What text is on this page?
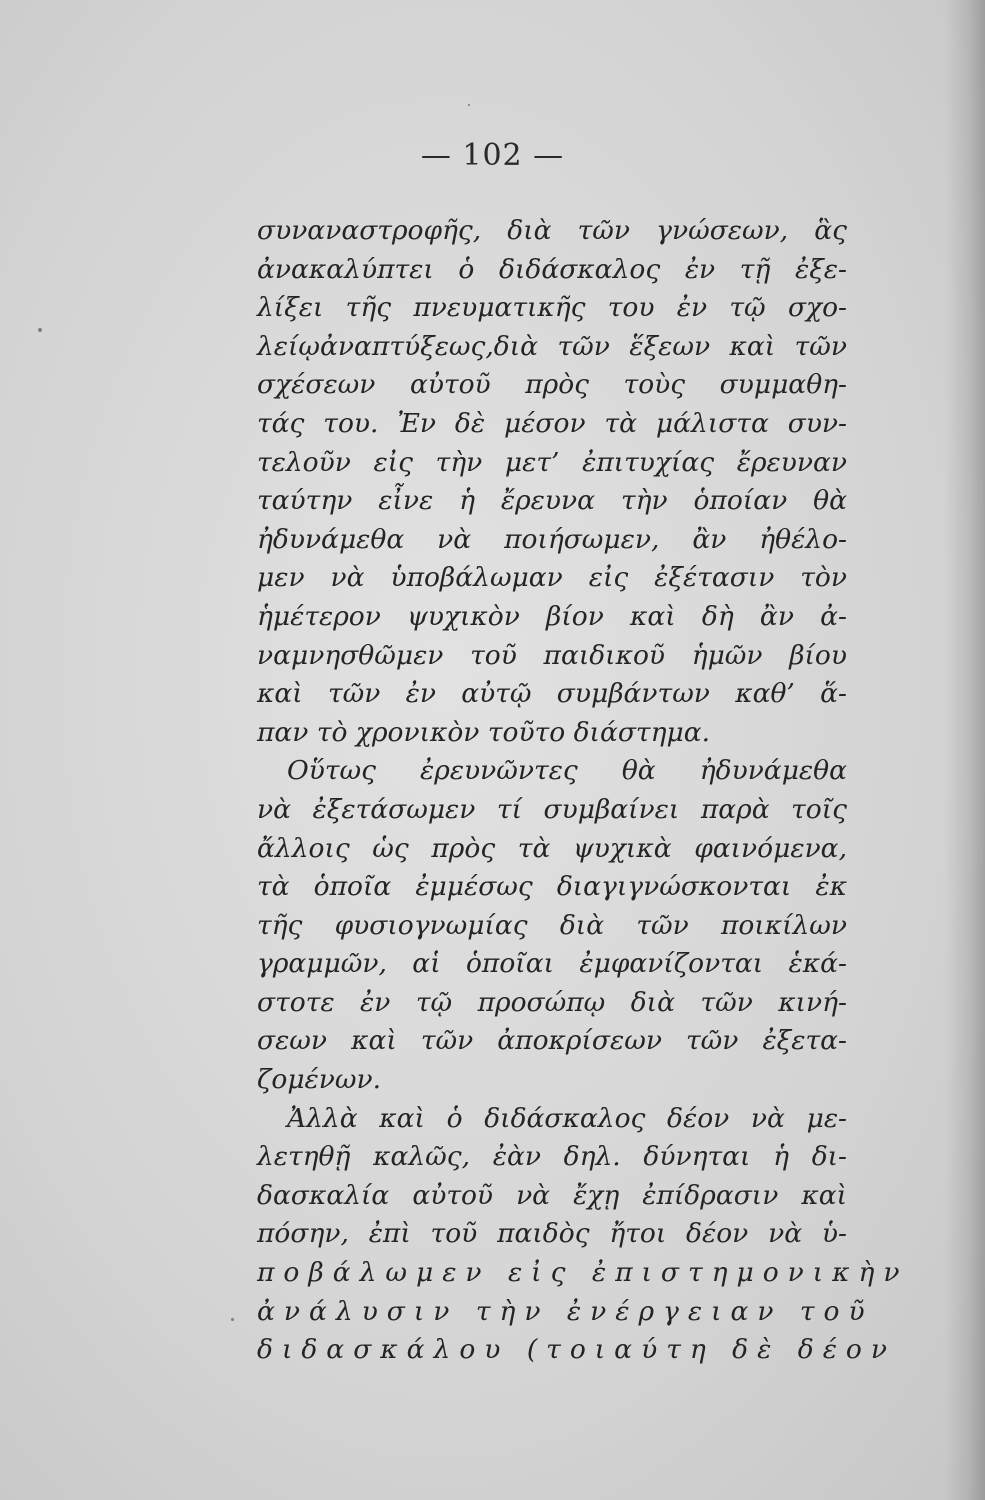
— 102 —
συναναστροφῆς, διὰ τῶν γνώσεων, ἃς
ἀνακαλύπτει ὁ διδάσκαλος ἐν τῇ ἐξε-
λίξει τῆς πνευματικῆς του ἐν τῷ σχο-
λείῳἀναπτύξεως,διὰ τῶν ἕξεων καὶ τῶν
σχέσεων αὐτοῦ πρὸς τοὺς συμμαθη-
τάς του. Ἐν δὲ μέσον τὰ μάλιστα συν-
τελοῦν εἰς τὴν μετ’ ἐπιτυχίας ἔρευναν
ταύτην εἶνε ἡ ἔρευνα τὴν ὁποίαν θὰ
ἠδυνάμεθα νὰ ποιήσωμεν, ἂν ἠθέλο-
μεν νὰ ὑποβάλωμαν εἰς ἐξέτασιν τὸν
ἡμέτερον ψυχικὸν βίον καὶ δὴ ἂν ἀ-
ναμνησθῶμεν τοῦ παιδικοῦ ἡμῶν βίου
καὶ τῶν ἐν αὐτῷ συμβάντων καθ’ ἅ-
παν τὸ χρονικὸν τοῦτο διάστημα.
Οὕτως ἐρευνῶντες θὰ ἠδυνάμεθα
νὰ ἐξετάσωμεν τί συμβαίνει παρὰ τοῖς
ἄλλοις ὡς πρὸς τὰ ψυχικὰ φαινόμενα,
τὰ ὁποῖα ἐμμέσως διαγιγνώσκονται ἐκ
τῆς φυσιογνωμίας διὰ τῶν ποικίλων
γραμμῶν, αἱ ὁποῖαι ἐμφανίζονται ἑκά-
στοτε ἐν τῷ προσώπῳ διὰ τῶν κινή-
σεων καὶ τῶν ἀποκρίσεων τῶν ἐξετα-
ζομένων.
Ἀλλὰ καὶ ὁ διδάσκαλος δέον νὰ με-
λετηθῇ καλῶς, ἐὰν δηλ. δύνηται ἡ δι-
δασκαλία αὐτοῦ νὰ ἔχῃ ἐπίδρασιν καὶ
πόσην, ἐπὶ τοῦ παιδὸς ἤτοι δέον νὰ ὑ-
ποβάλωμεν εἰς ἐπιστημονικὴν
ἀνάλυσιν τὴν ἐνέργειαν τοῦ
διδασκάλου (τοιαύτη δὲ δέον
